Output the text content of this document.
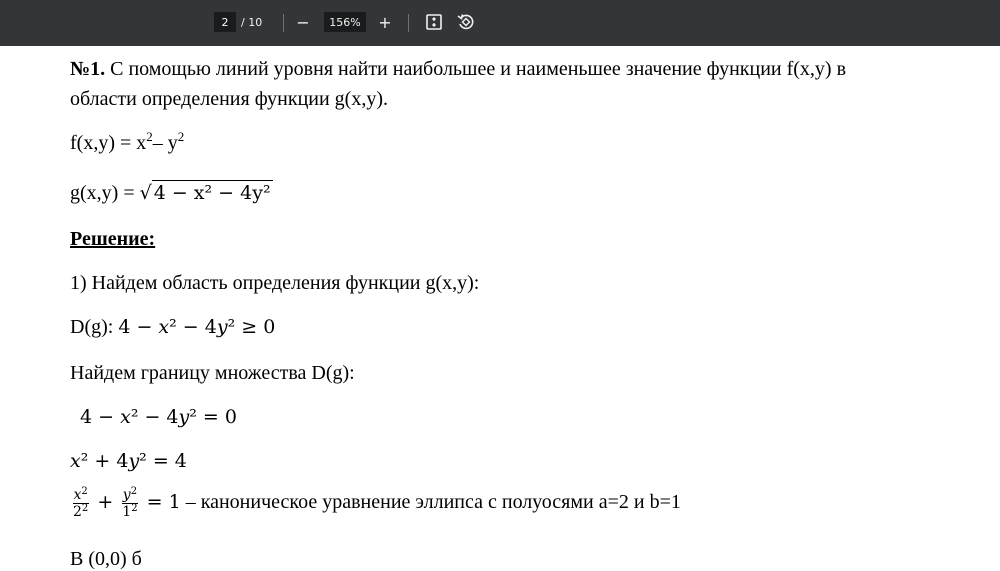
2	/ 10 −	156%	+
№1. С помощью линий уровня найти наибольшее и наименьшее значение функции f(x,y) в
области определения функции g(x,y).
$f(x,y) = x^2-$ $y^2$
g(x,y) = √ 4 − x² − 4y²
Решение:
1) Найдем область определения функции g(x,y):
D(g): 4 − x² − 4y² ≥ 0
Найдем границу множества D(g):
4 − x² − 4y² = 0
x² + 4y² = 4
$\frac{x^2}{2^2} + \frac{y^2}{1^2} = 1$ – каноническое уравнение эллипса с полуосями a=2 и b=1
В (0,0) б
